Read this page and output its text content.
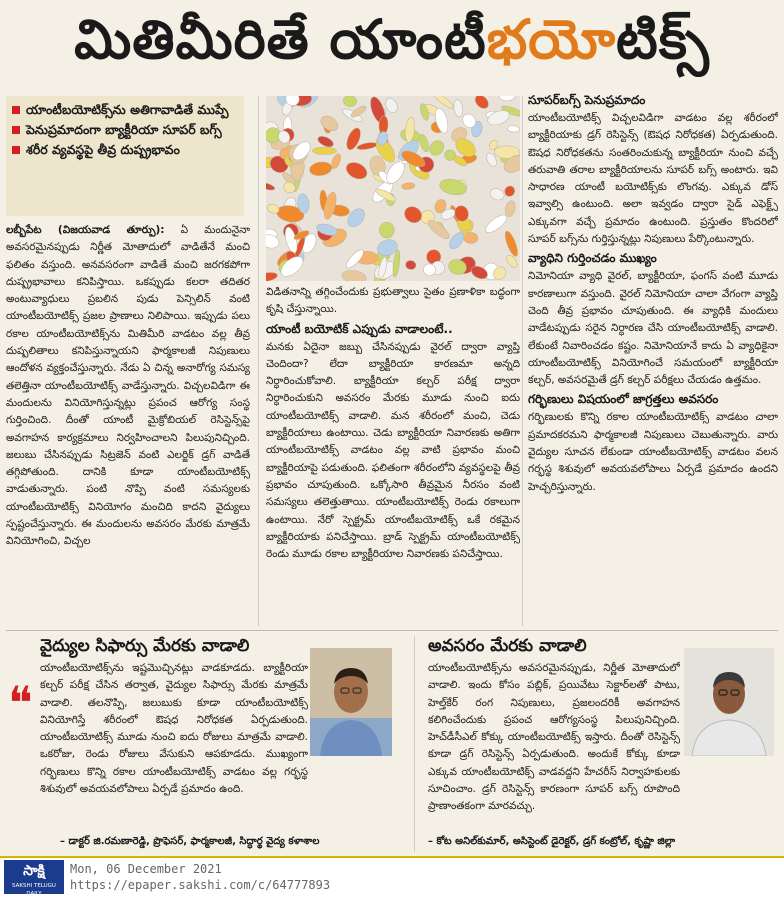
మితిమీరితే యాంటీభయోటిక్స్
యాంటీబయోటిక్స్‌ను అతిగావాడితే ముప్పే
పెనుప్రమాదంగా బ్యాక్టీరియా సూపర్ బగ్స్
శరీర వ్యవస్థపై తీవ్ర దుష్ప్రభావం

లబ్బీపేట (విజయవాడ తూర్పు): ఏ మందునైనా అవసరమైనప్పుడు నిర్ణీత మోతాదులో వాడితేనే మంచి ఫలితం వస్తుంది. అనవసరంగా వాడితే మంచి జరగకపోగా దుష్ప్రభావాలు కనిపిస్తాయి. ఒకప్పుడు కలరా తదితర అంటువ్యాధులు ప్రబలిన పుడు పెన్సిలిన్ వంటి యాంటీబయోటిక్స్ ప్రజల ప్రాణాలు నిలిపాయి. ఇప్పుడు పలు రకాల యాంటీబయోటిక్స్‌ను మితిమీరి వాడటం వల్ల తీవ్ర దుష్పలితాలు కనిపిస్తున్నాయని ఫార్మకాలజీ నిపుణులు ఆందోళన వ్యక్తంచేస్తున్నారు. నేడు ఏ చిన్న అనారోగ్య సమస్య తలెత్తినా యాంటీబయోటిక్స్ వాడేస్తున్నారు. విచ్చలవిడిగా ఈ మందులను వినియోగిస్తున్నట్లు ప్రపంచ ఆరోగ్య సంస్థ గుర్తించింది. దీంతో యాంటీ మైక్రోబియల్ రెసిస్టెన్స్‌పై అవగాహన కార్యక్రమాలు నిర్వహించాలని పిలుపునిచ్చింది. జలుబు చేసినప్పుడు సిట్రజెన్ వంటి ఎలర్జిక్ డ్రగ్ వాడితే తగ్గిపోతుంది. దానికి కూడా యాంటీబయోటిక్స్ వాడుతున్నారు. పంటి నొప్పి వంటి సమస్యలకు యాంటీబయోటిక్స్ వినియోగం మంచిది కాదని వైద్యులు స్పష్టంచేస్తున్నారు. ఈ మందులను అవసరం మేరకు మాత్రమే వినియోగించి, విచ్చల

విడితనాన్ని తగ్గించేందుకు ప్రభుత్వాలు సైతం ప్రణాళికా బద్ధంగా కృషి చేస్తున్నాయి.

యాంటీ బయోటిక్ ఎప్పుడు వాడాలంటే..

మనకు ఏదైనా జబ్బు చేసినప్పుడు వైరల్ ద్వారా వ్యాప్తి చెందిందా? లేదా బ్యాక్టీరియా కారణమా అన్నది నిర్ధారించుకోవాలి. బ్యాక్టీరియా కల్చర్ పరీక్ష ద్వారా నిర్ధారించుకుని అవసరం మేరకు మూడు నుంచి ఐదు యాంటీబయోటిక్స్ వాడాలి. మన శరీరంలో మంచి, చెడు బ్యాక్టీరియాలు ఉంటాయి. చెడు బ్యాక్టీరియా నివారణకు అతిగా యాంటీబయోటిక్స్ వాడటం వల్ల వాటి ప్రభావం మంచి బ్యాక్టీరియాపై పడుతుంది. ఫలితంగా శరీరంలోని వ్యవస్థలపై తీవ్ర ప్రభావం చూపుతుంది. ఒక్కోసారి తీవ్రమైన నీరసం వంటి సమస్యలు తలెత్తుతాయి. యాంటీబయోటిక్స్ రెండు రకాలుగా ఉంటాయి. నేరో స్పెక్ట్రమ్ యాంటీబయోటిక్స్ ఒకే రకమైన బ్యాక్టీరియాకు పనిచేస్తాయి. బ్రాడ్ స్పెక్ట్రమ్ యాంటీబయోటిక్స్ రెండు మూడు రకాల బ్యాక్టీరియాల నివారణకు పనిచేస్తాయి.

సూపర్‌బగ్స్ పెనుప్రమాదం

యాంటీబయోటిక్స్ విచ్చలవిడిగా వాడటం వల్ల శరీరంలో బ్యాక్టీరియాకు డ్రగ్ రెసిస్టెన్స్ (ఔషధ నిరోధకత) ఏర్పడుతుంది. ఔషధ నిరోధకతను సంతరించుకున్న బ్యాక్టీరియా నుంచి వచ్చే తరువాతి తరాల బ్యాక్టీరియాలను సూపర్ బగ్స్ అంటారు. ఇవి సాధారణ యాంటీ బయోటిక్స్‌కు లొంగవు. ఎక్కువ డోస్ ఇవ్వాల్సి ఉంటుంది. అలా ఇవ్వడం ద్వారా సైడ్ ఎఫెక్ట్స్ ఎక్కువగా వచ్చే ప్రమాదం ఉంటుంది. ప్రస్తుతం కొందరిలో సూపర్ బగ్స్‌ను గుర్తిస్తున్నట్లు నిపుణులు పేర్కొంటున్నారు.

వ్యాధిని గుర్తించడం ముఖ్యం

నిమోనియా వ్యాధి వైరల్, బ్యాక్టీరియా, ఫంగస్ వంటి మూడు కారణాలుగా వస్తుంది. వైరల్ నిమోనియా చాలా వేగంగా వ్యాప్తి చెంది తీవ్ర ప్రభావం చూపుతుంది. ఈ వ్యాధికి మందులు వాడేటప్పుడు సరైన నిర్ధారణ చేసి యాంటీబయోటిక్స్ వాడాలి. లేకుంటే నివారించడం కష్టం. నిమోనియానే కాదు ఏ వ్యాధికైనా యాంటీబయోటిక్స్ వినియోగించే సమయంలో బ్యాక్టీరియా కల్చర్, అవసరమైతే డ్రగ్ కల్చర్ పరీక్షలు చేయడం ఉత్తమం.

గర్భిణులు విషయంలో జాగ్రత్తలు అవసరం

గర్భిణులకు కొన్ని రకాల యాంటీబయోటిక్స్ వాడటం చాలా ప్రమాదకరమని ఫార్మకాలజీ నిపుణులు చెబుతున్నారు. వారు వైద్యుల సూచన లేకుండా యాంటీబయోటిక్స్ వాడటం వలన గర్భస్థ శిశువులో అవయవలోపాలు ఏర్పడే ప్రమాదం ఉందని హెచ్చరిస్తున్నారు.

వైద్యుల సిఫార్సు మేరకు వాడాలి
❝
యాంటీబయోటిక్స్‌ను ఇష్టమొచ్చినట్లు వాడకూడదు. బ్యాక్టీరియా కల్చర్ పరీక్ష చేసిన తర్వాత, వైద్యుల సిఫార్సు మేరకు మాత్రమే వాడాలి. తలనొప్పి, జలుబుకు కూడా యాంటీబయోటిక్స్ వినియోగిస్తే శరీరంలో ఔషధ నిరోధకత ఏర్పడుతుంది. యాంటీబయోటిక్స్ మూడు నుంచి ఐదు రోజులు మాత్రమే వాడాలి. ఒకరోజు, రెండు రోజులు వేసుకుని ఆపకూడదు. ముఖ్యంగా గర్భిణులు కొన్ని రకాల యాంటీబయోటిక్స్ వాడటం వల్ల గర్భస్థ శిశువులో అవయవలోపాలు ఏర్పడే ప్రమాదం ఉంది.
– డాక్టర్ జి.రమణారెడ్డి, ప్రొఫెసర్, ఫార్మకాలజీ, సిద్ధార్థ వైద్య కళాశాల
అవసరం మేరకు వాడాలి
యాంటీబయోటిక్స్‌ను అవసరమైనప్పుడు, నిర్ణీత మోతాదులో వాడాలి. ఇందు కోసం పబ్లిక్, ప్రయివేటు సెక్టార్‌లతో పాటు, హెల్త్‌కేర్ రంగ నిపుణులు, ప్రజలందరికీ అవగాహన కలిగించేందుకు ప్రపంచ ఆరోగ్యసంస్థ పిలుపునిచ్చింది. హెచ్‌డీసీఎల్ కోక్కు యాంటీబయోటిక్స్ ఇస్తారు. దీంతో రెసిస్టెన్స్ కూడా డ్రగ్ రెసిస్టెన్స్ ఏర్పడుతుంది. అందుకే కోక్కు కూడా ఎక్కువ యాంటీబయోటిక్స్ వాడవద్దని హేచరీస్ నిర్వాహకులకు సూచించాం. డ్రగ్ రెసిస్టెన్స్ కారణంగా సూపర్ బగ్స్ రూపొంది ప్రాణాంతకంగా మారవచ్చు.
– కోట అనిల్‌కుమార్, అసిస్టెంట్ డైరెక్టర్, డ్రగ్ కంట్రోల్, కృష్ణా జిల్లా
సాక్షి
SAKSHI TELUGU DAILY
Mon, 06 December 2021
https://epaper.sakshi.com/c/64777893
